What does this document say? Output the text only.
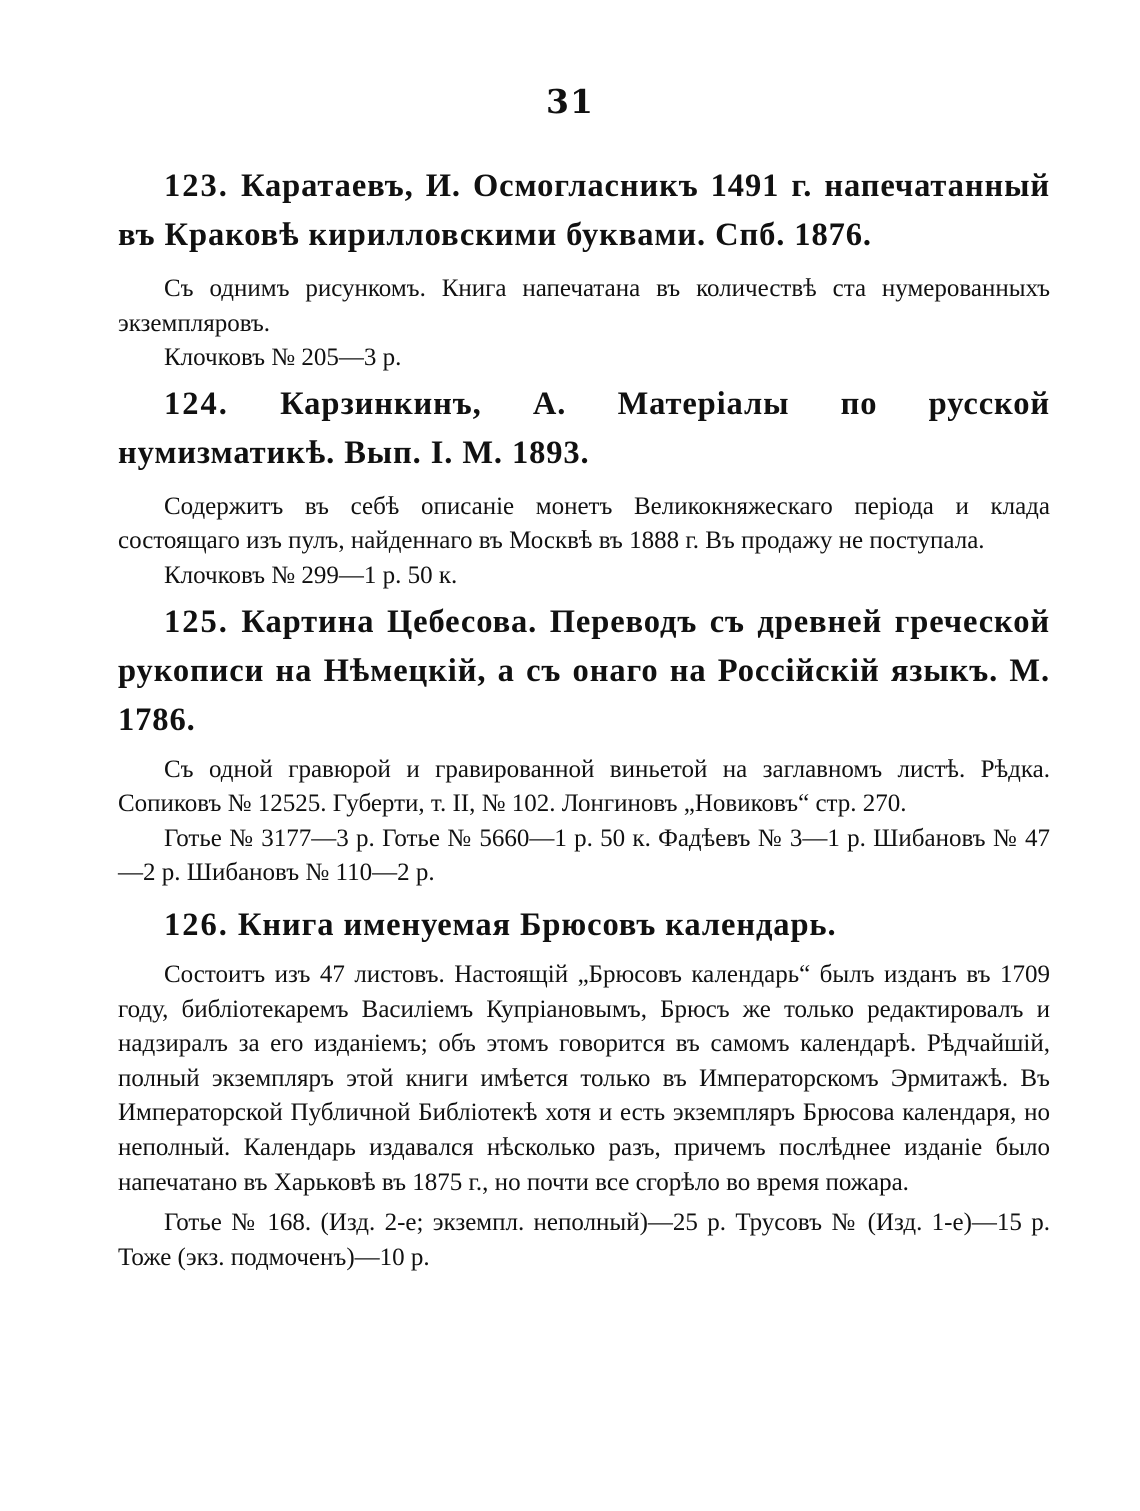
31
123. Каратаевъ, И. Осмогласникъ 1491 г. напечатанный въ Краковѣ кирилловскими буквами. Спб. 1876.
Съ однимъ рисункомъ. Книга напечатана въ количествѣ ста нумерованныхъ экземпляровъ.
Клочковъ № 205—3 р.
124. Карзинкинъ, А. Матеріалы по русской нумизматикѣ. Вып. I. М. 1893.
Содержитъ въ себѣ описаніе монетъ Великокняжескаго періода и клада состоящаго изъ пулъ, найденнаго въ Москвѣ въ 1888 г. Въ продажу не поступала.
Клочковъ № 299—1 р. 50 к.
125. Картина Цебесова. Переводъ съ древней греческой рукописи на Нѣмецкій, а съ онаго на Россійскій языкъ. М. 1786.
Съ одной гравюрой и гравированной виньетой на заглавномъ листѣ. Рѣдка. Сопиковъ № 12525. Губерти, т. II, № 102. Лонгиновъ „Новиковъ“ стр. 270.
Готье № 3177—3 р. Готье № 5660—1 р. 50 к. Фадѣевъ № 3—1 р. Шибановъ № 47—2 р. Шибановъ № 110—2 р.
126. Книга именуемая Брюсовъ календарь.
Состоитъ изъ 47 листовъ. Настоящій „Брюсовъ календарь“ былъ изданъ въ 1709 году, библіотекаремъ Василіемъ Купріановымъ, Брюсъ же только редактировалъ и надзиралъ за его изданіемъ; объ этомъ говорится въ самомъ календарѣ. Рѣдчайшій, полный экземпляръ этой книги имѣется только въ Императорскомъ Эрмитажѣ. Въ Императорской Публичной Библіотекѣ хотя и есть экземпляръ Брюсова календаря, но неполный. Календарь издавался нѣсколько разъ, причемъ послѣднее изданіе было напечатано въ Харьковѣ въ 1875 г., но почти все сгорѣло во время пожара.
Готье № 168. (Изд. 2-е; экземпл. неполный)—25 р. Трусовъ № (Изд. 1-е)—15 р. Тоже (экз. подмоченъ)—10 р.
